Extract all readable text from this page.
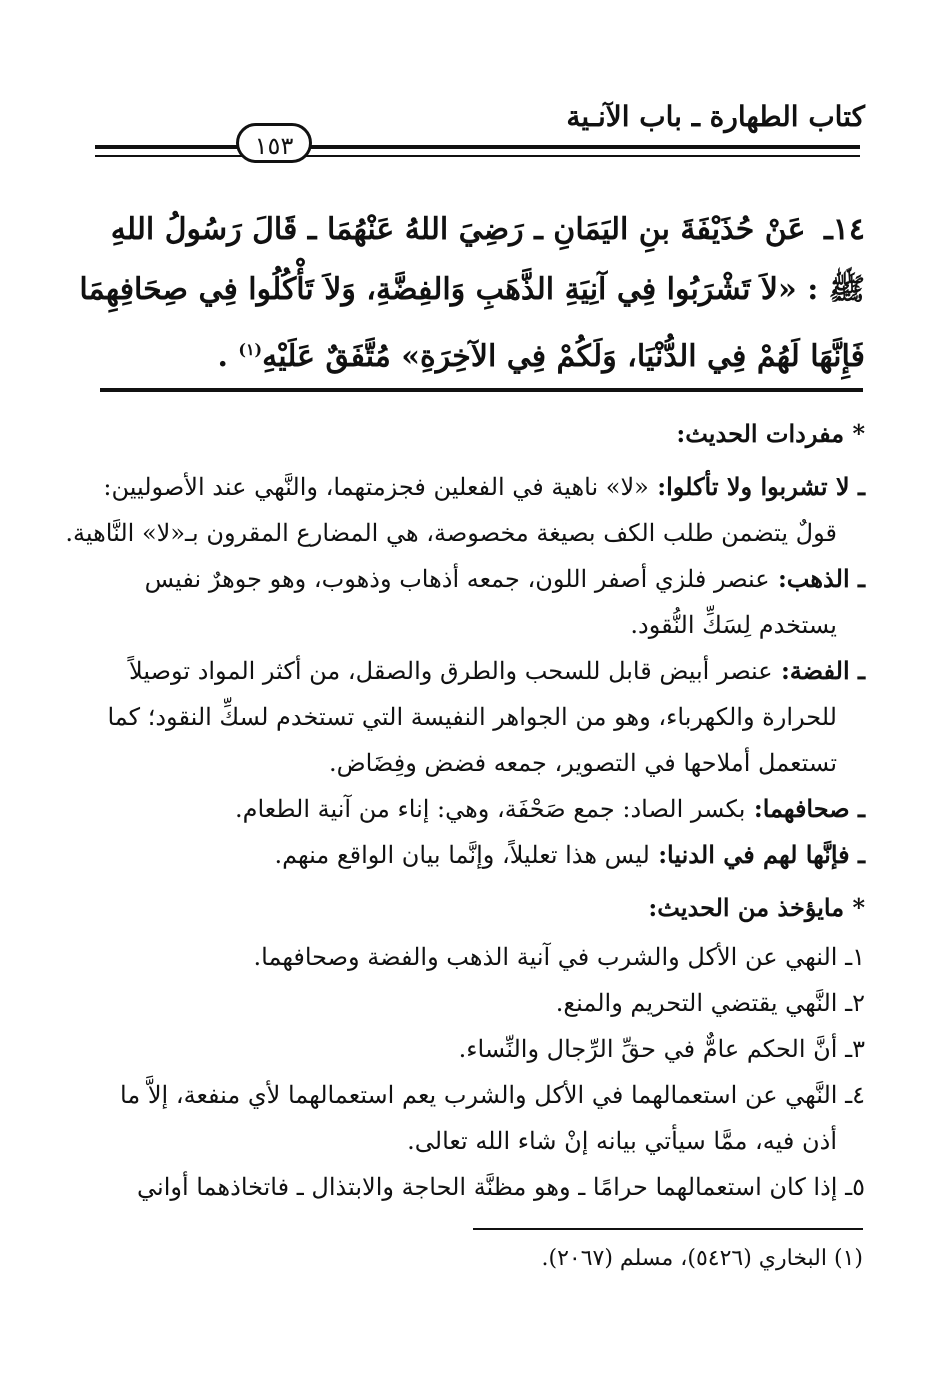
كتاب الطهارة ـ باب الآنـية
١٥٣

١٤ـ عَنْ حُذَيْفَةَ بنِ اليَمَانِ ـ رَضِيَ اللهُ عَنْهُمَا ـ قَالَ رَسُولُ اللهِ

ﷺ : «لاَ تَشْرَبُوا فِي آنِيَةِ الذَّهَبِ وَالفِضَّةِ، وَلاَ تَأْكُلُوا فِي صِحَافِهِمَا

فَإِنَّهَا لَهُمْ فِي الدُّنْيَا، وَلَكُمْ فِي الآخِرَةِ» مُتَّفَقٌ عَلَيْهِ$^{(١)}$ .

* مفردات الحديث:

ـ لا تشربوا ولا تأكلوا: «لا» ناهية في الفعلين فجزمتهما، والنَّهي عند الأصوليين:

قولٌ يتضمن طلب الكف بصيغة مخصوصة، هي المضارع المقرون بـ«لا» النَّاهية.

ـ الذهب: عنصر فلزي أصفر اللون، جمعه أذهاب وذهوب، وهو جوهرٌ نفيس

يستخدم لِسَكِّ النُّقود.

ـ الفضة: عنصر أبيض قابل للسحب والطرق والصقل، من أكثر المواد توصيلاً

للحرارة والكهرباء، وهو من الجواهر النفيسة التي تستخدم لسكِّ النقود؛ كما

تستعمل أملاحها في التصوير، جمعه فضض وفِضَاض.

ـ صحافهما: بكسر الصاد: جمع صَحْفَة، وهي: إناء من آنية الطعام.

ـ فإنَّها لهم في الدنيا: ليس هذا تعليلاً، وإنَّما بيان الواقع منهم.

* مايؤخذ من الحديث:

١ـ النهي عن الأكل والشرب في آنية الذهب والفضة وصحافهما.

٢ـ النَّهي يقتضي التحريم والمنع.

٣ـ أنَّ الحكم عامٌّ في حقِّ الرِّجال والنِّساء.

٤ـ النَّهي عن استعمالهما في الأكل والشرب يعم استعمالهما لأي منفعة، إلاَّ ما

أذن فيه، ممَّا سيأتي بيانه إنْ شاء الله تعالى.

٥ـ إذا كان استعمالهما حرامًا ـ وهو مظنَّة الحاجة والابتذال ـ فاتخاذهما أواني

(١) البخاري (٥٤٢٦)، مسلم (٢٠٦٧).
